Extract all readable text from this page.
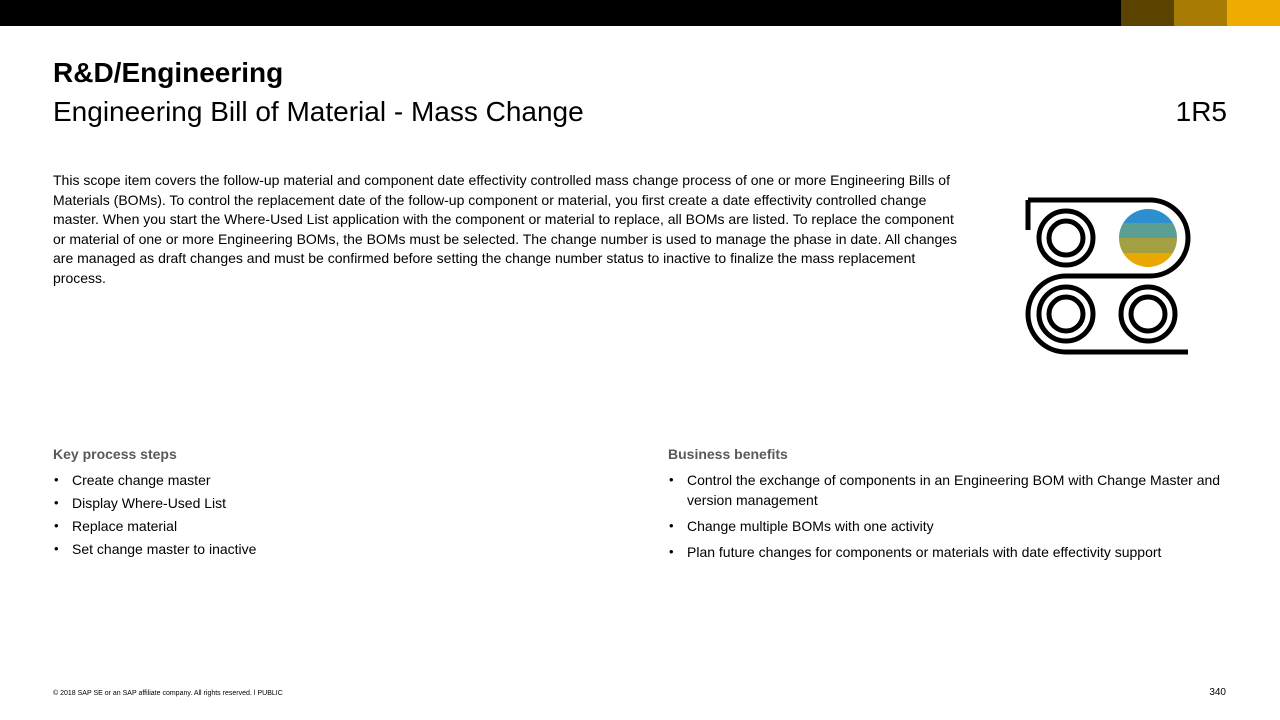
R&D/Engineering
Engineering Bill of Material - Mass Change	1R5

This scope item covers the follow-up material and component date effectivity controlled mass change process of one or more Engineering Bills of Materials (BOMs). To control the replacement date of the follow-up component or material, you first create a date effectivity controlled change master. When you start the Where-Used List application with the component or material to replace, all BOMs are listed. To replace the component or material of one or more Engineering BOMs, the BOMs must be selected. The change number is used to manage the phase in date. All changes are managed as draft changes and must be confirmed before setting the change number status to inactive to finalize the mass replacement process.

Key process steps
• Create change master
• Display Where-Used List
• Replace material
• Set change master to inactive
Business benefits
• Control the exchange of components in an Engineering BOM with Change Master and version management
• Change multiple BOMs with one activity
• Plan future changes for components or materials with date effectivity support
© 2018 SAP SE or an SAP affiliate company. All rights reserved. ǀ PUBLIC	340
